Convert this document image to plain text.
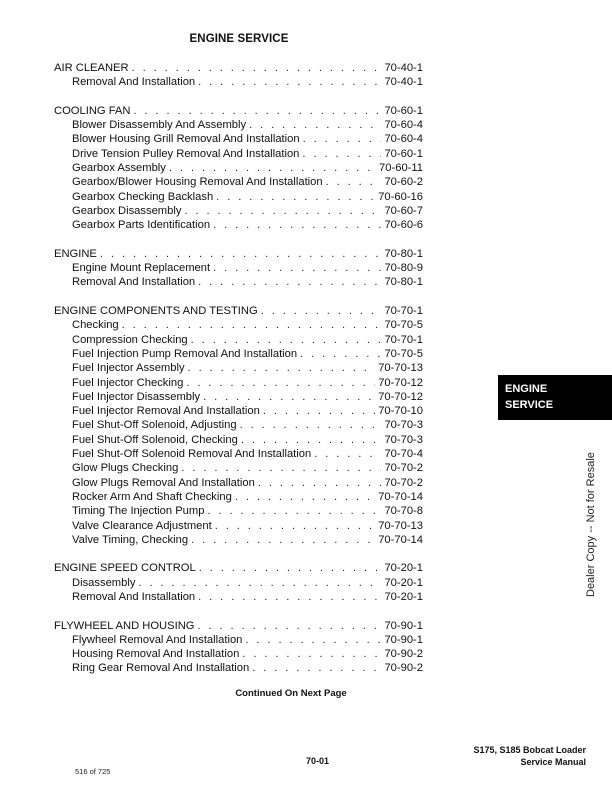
ENGINE SERVICE
AIR CLEANER . . .	70-40-1
Removal And Installation . . .	70-40-1
COOLING FAN . . .	70-60-1
Blower Disassembly And Assembly . . .	70-60-4
Blower Housing Grill Removal And Installation . . .	70-60-4
Drive Tension Pulley Removal And Installation . . .	70-60-1
Gearbox Assembly . . .	70-60-11
Gearbox/Blower Housing Removal And Installation . . .	70-60-2
Gearbox Checking Backlash . . .	70-60-16
Gearbox Disassembly . . .	70-60-7
Gearbox Parts Identification . . .	70-60-6
ENGINE . . .	70-80-1
Engine Mount Replacement . . .	70-80-9
Removal And Installation . . .	70-80-1
ENGINE COMPONENTS AND TESTING . . .	70-70-1
Checking . . .	70-70-5
Compression Checking . . .	70-70-1
Fuel Injection Pump Removal And Installation . . .	70-70-5
Fuel Injector Assembly . . .	70-70-13
Fuel Injector Checking . . .	70-70-12
Fuel Injector Disassembly . . .	70-70-12
Fuel Injector Removal And Installation . . .	70-70-10
Fuel Shut-Off Solenoid, Adjusting . . .	70-70-3
Fuel Shut-Off Solenoid, Checking . . .	70-70-3
Fuel Shut-Off Solenoid Removal And Installation . . .	70-70-4
Glow Plugs Checking . . .	70-70-2
Glow Plugs Removal And Installation . . .	70-70-2
Rocker Arm And Shaft Checking . . .	70-70-14
Timing The Injection Pump . . .	70-70-8
Valve Clearance Adjustment . . .	70-70-13
Valve Timing, Checking . . .	70-70-14
ENGINE SPEED CONTROL . . .	70-20-1
Disassembly . . .	70-20-1
Removal And Installation . . .	70-20-1
FLYWHEEL AND HOUSING . . .	70-90-1
Flywheel Removal And Installation . . .	70-90-1
Housing Removal And Installation . . .	70-90-2
Ring Gear Removal And Installation . . .	70-90-2
Continued On Next Page
ENGINE
SERVICE
Dealer Copy -- Not for Resale
S175, S185 Bobcat Loader
Service Manual
70-01
516 of 725
